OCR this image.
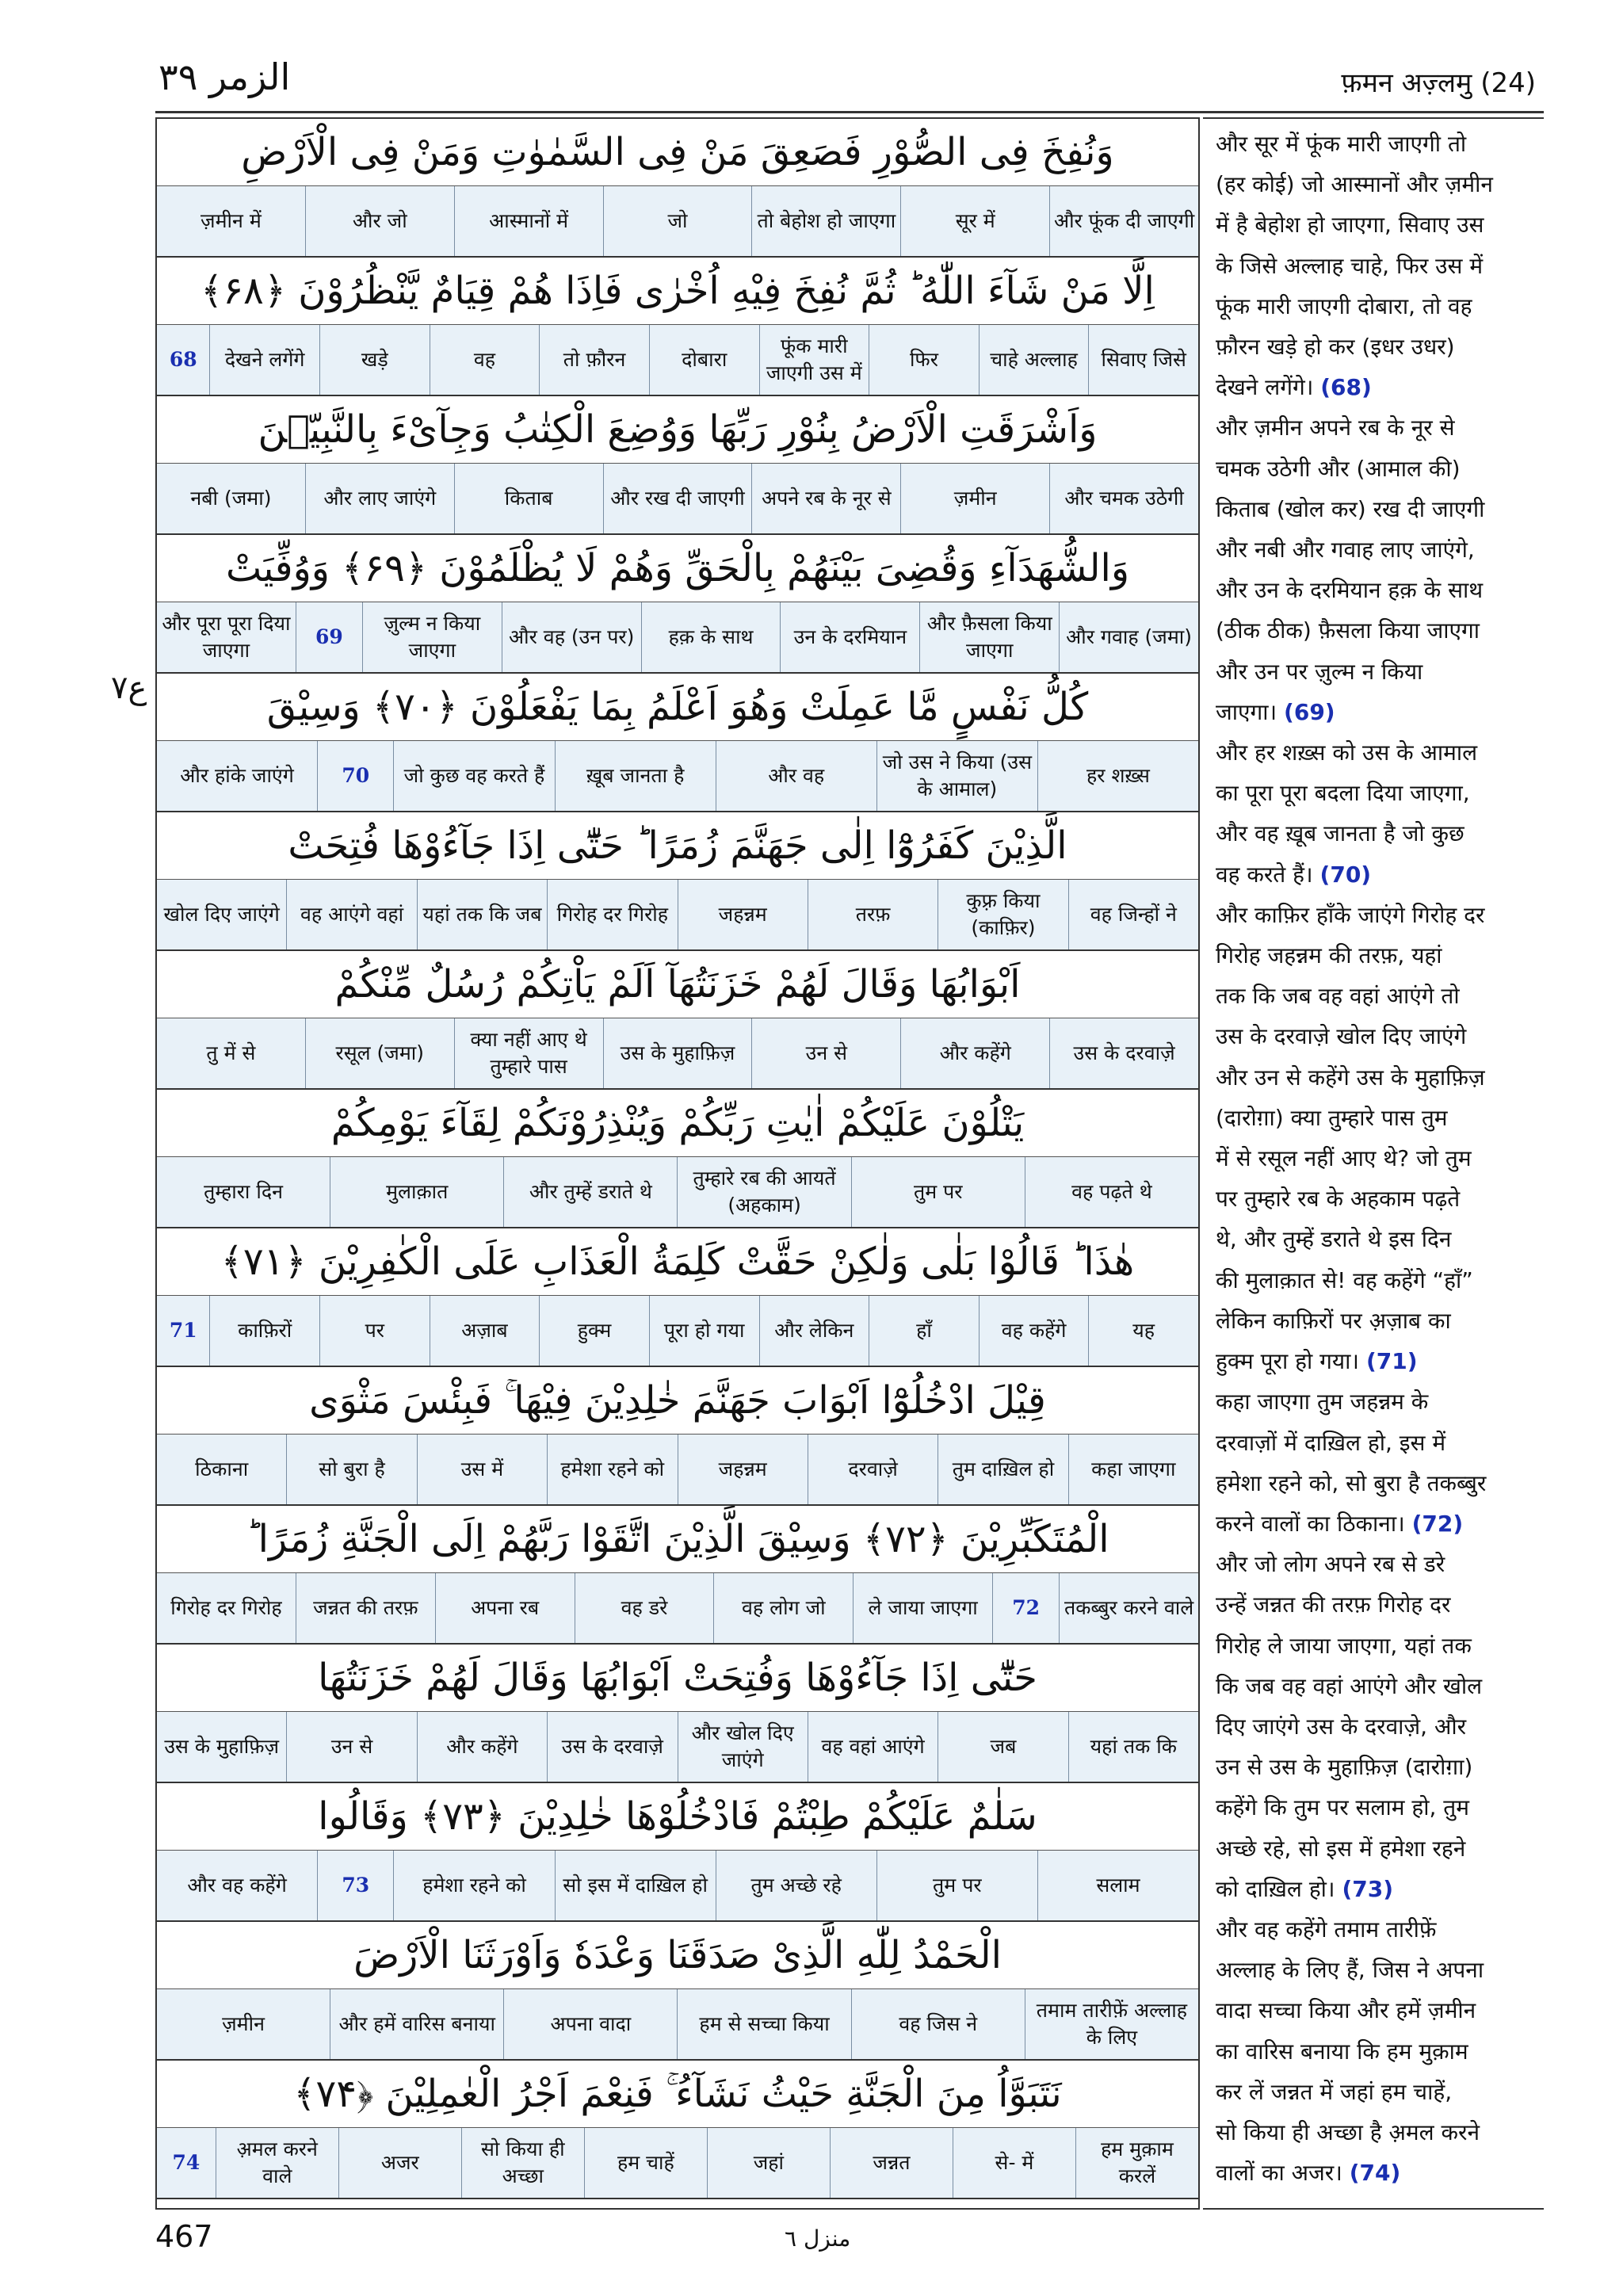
الزمر ٣٩	फ़मन अज़्लमु (24)
ع٧
وَنُفِخَ فِى الصُّوْرِ فَصَعِقَ مَنْ فِى السَّمٰوٰتِ وَمَنْ فِى الْاَرْضِ
और फूंक दी जाएगी
सूर में
तो बेहोश हो जाएगा
जो
आस्मानों में
और जो
ज़मीन में
اِلَّا مَنْ شَآءَ اللّٰهُ ؕ ثُمَّ نُفِخَ فِيْهِ اُخْرٰى فَاِذَا هُمْ قِيَامٌ يَّنْظُرُوْنَ ﴿۶۸﴾
सिवाए जिसे
चाहे अल्लाह
फिर
फूंक मारी जाएगी उस में
दोबारा
तो फ़ौरन
वह
खड़े
देखने लगेंगे
68
وَاَشْرَقَتِ الْاَرْضُ بِنُوْرِ رَبِّهَا وَوُضِعَ الْكِتٰبُ وَجِآىْءَ بِالنَّبِيّٖنَ
और चमक उठेगी
ज़मीन
अपने रब के नूर से
और रख दी जाएगी
किताब
और लाए जाएंगे
नबी (जमा)
وَالشُّهَدَآءِ وَقُضِىَ بَيْنَهُمْ بِالْحَقِّ وَهُمْ لَا يُظْلَمُوْنَ ﴿۶۹﴾ وَوُفِّيَتْ
और गवाह (जमा)
और फ़ैसला किया जाएगा
उन के दरमियान
हक़ के साथ
और वह (उन पर)
ज़ुल्म न किया जाएगा
69
और पूरा पूरा दिया जाएगा
كُلُّ نَفْسٍ مَّا عَمِلَتْ وَهُوَ اَعْلَمُ بِمَا يَفْعَلُوْنَ ﴿۷۰﴾ وَسِيْقَ
हर शख़्स
जो उस ने किया (उस के आमाल)
और वह
ख़ूब जानता है
जो कुछ वह करते हैं
70
और हांके जाएंगे
الَّذِيْنَ كَفَرُوْٓا اِلٰى جَهَنَّمَ زُمَرًا ؕ حَتّٰٓى اِذَا جَآءُوْهَا فُتِحَتْ
वह जिन्हों ने
कुफ़्र किया (काफ़िर)
तरफ़
जहन्नम
गिरोह दर गिरोह
यहां तक कि जब
वह आएंगे वहां
खोल दिए जाएंगे
اَبْوَابُهَا وَقَالَ لَهُمْ خَزَنَتُهَآ اَلَمْ يَاْتِكُمْ رُسُلٌ مِّنْكُمْ
उस के दरवाज़े
और कहेंगे
उन से
उस के मुहाफ़िज़
क्या नहीं आए थे तुम्हारे पास
रसूल (जमा)
तु में से
يَتْلُوْنَ عَلَيْكُمْ اٰيٰتِ رَبِّكُمْ وَيُنْذِرُوْنَكُمْ لِقَآءَ يَوْمِكُمْ
वह पढ़ते थे
तुम पर
तुम्हारे रब की आयतें (अहकाम)
और तुम्हें डराते थे
मुलाक़ात
तुम्हारा दिन
هٰذَا ؕ قَالُوْا بَلٰى وَلٰكِنْ حَقَّتْ كَلِمَةُ الْعَذَابِ عَلَى الْكٰفِرِيْنَ ﴿۷۱﴾
यह
वह कहेंगे
हाँ
और लेकिन
पूरा हो गया
हुक्म
अज़ाब
पर
काफ़िरों
71
قِيْلَ ادْخُلُوْٓا اَبْوَابَ جَهَنَّمَ خٰلِدِيْنَ فِيْهَا ۚ فَبِئْسَ مَثْوَى
कहा जाएगा
तुम दाख़िल हो
दरवाज़े
जहन्नम
हमेशा रहने को
उस में
सो बुरा है
ठिकाना
الْمُتَكَبِّرِيْنَ ﴿۷۲﴾ وَسِيْقَ الَّذِيْنَ اتَّقَوْا رَبَّهُمْ اِلَى الْجَنَّةِ زُمَرًا ؕ
तकब्बुर करने वाले
72
ले जाया जाएगा
वह लोग जो
वह डरे
अपना रब
जन्नत की तरफ़
गिरोह दर गिरोह
حَتّٰٓى اِذَا جَآءُوْهَا وَفُتِحَتْ اَبْوَابُهَا وَقَالَ لَهُمْ خَزَنَتُهَا
यहां तक कि
जब
वह वहां आएंगे
और खोल दिए जाएंगे
उस के दरवाज़े
और कहेंगे
उन से
उस के मुहाफ़िज़
سَلٰمٌ عَلَيْكُمْ طِبْتُمْ فَادْخُلُوْهَا خٰلِدِيْنَ ﴿۷۳﴾ وَقَالُوا
सलाम
तुम पर
तुम अच्छे रहे
सो इस में दाख़िल हो
हमेशा रहने को
73
और वह कहेंगे
الْحَمْدُ لِلّٰهِ الَّذِىْ صَدَقَنَا وَعْدَهٗ وَاَوْرَثَنَا الْاَرْضَ
तमाम तारीफ़ें अल्लाह के लिए
वह जिस ने
हम से सच्चा किया
अपना वादा
और हमें वारिस बनाया
ज़मीन
نَتَبَوَّاُ مِنَ الْجَنَّةِ حَيْثُ نَشَآءُ ۚ فَنِعْمَ اَجْرُ الْعٰمِلِيْنَ ﴿۷۴﴾
हम मुक़ाम करलें
से- में
जन्नत
जहां
हम चाहें
सो किया ही अच्छा
अजर
अ़मल करने वाले
74
और सूर में फूंक मारी जाएगी तो
(हर कोई) जो आस्मानों और ज़मीन
में है बेहोश हो जाएगा, सिवाए उस
के जिसे अल्लाह चाहे, फिर उस में
फूंक मारी जाएगी दोबारा, तो वह
फ़ौरन खड़े हो कर (इधर उधर)
देखने लगेंगे। (68)
और ज़मीन अपने रब के नूर से
चमक उठेगी और (आमाल की)
किताब (खोल कर) रख दी जाएगी
और नबी और गवाह लाए जाएंगे,
और उन के दरमियान हक़ के साथ
(ठीक ठीक) फ़ैसला किया जाएगा
और उन पर ज़ुल्म न किया
जाएगा। (69)
और हर शख़्स को उस के आमाल
का पूरा पूरा बदला दिया जाएगा,
और वह ख़ूब जानता है जो कुछ
वह करते हैं। (70)
और काफ़िर हाँके जाएंगे गिरोह दर
गिरोह जहन्नम की तरफ़, यहां
तक कि जब वह वहां आएंगे तो
उस के दरवाज़े खोल दिए जाएंगे
और उन से कहेंगे उस के मुहाफ़िज़
(दारोग़ा) क्या तुम्हारे पास तुम
में से रसूल नहीं आए थे? जो तुम
पर तुम्हारे रब के अहकाम पढ़ते
थे, और तुम्हें डराते थे इस दिन
की मुलाक़ात से! वह कहेंगे “हाँ”
लेकिन काफ़िरों पर अ़ज़ाब का
हुक्म पूरा हो गया। (71)
कहा जाएगा तुम जहन्नम के
दरवाज़ों में दाख़िल हो, इस में
हमेशा रहने को, सो बुरा है तकब्बुर
करने वालों का ठिकाना। (72)
और जो लोग अपने रब से डरे
उन्हें जन्नत की तरफ़ गिरोह दर
गिरोह ले जाया जाएगा, यहां तक
कि जब वह वहां आएंगे और खोल
दिए जाएंगे उस के दरवाज़े, और
उन से उस के मुहाफ़िज़ (दारोग़ा)
कहेंगे कि तुम पर सलाम हो, तुम
अच्छे रहे, सो इस में हमेशा रहने
को दाख़िल हो। (73)
और वह कहेंगे तमाम तारीफ़ें
अल्लाह के लिए हैं, जिस ने अपना
वादा सच्चा किया और हमें ज़मीन
का वारिस बनाया कि हम मुक़ाम
कर लें जन्नत में जहां हम चाहें,
सो किया ही अच्छा है अ़मल करने
वालों का अजर। (74)
467	منزل ٦
